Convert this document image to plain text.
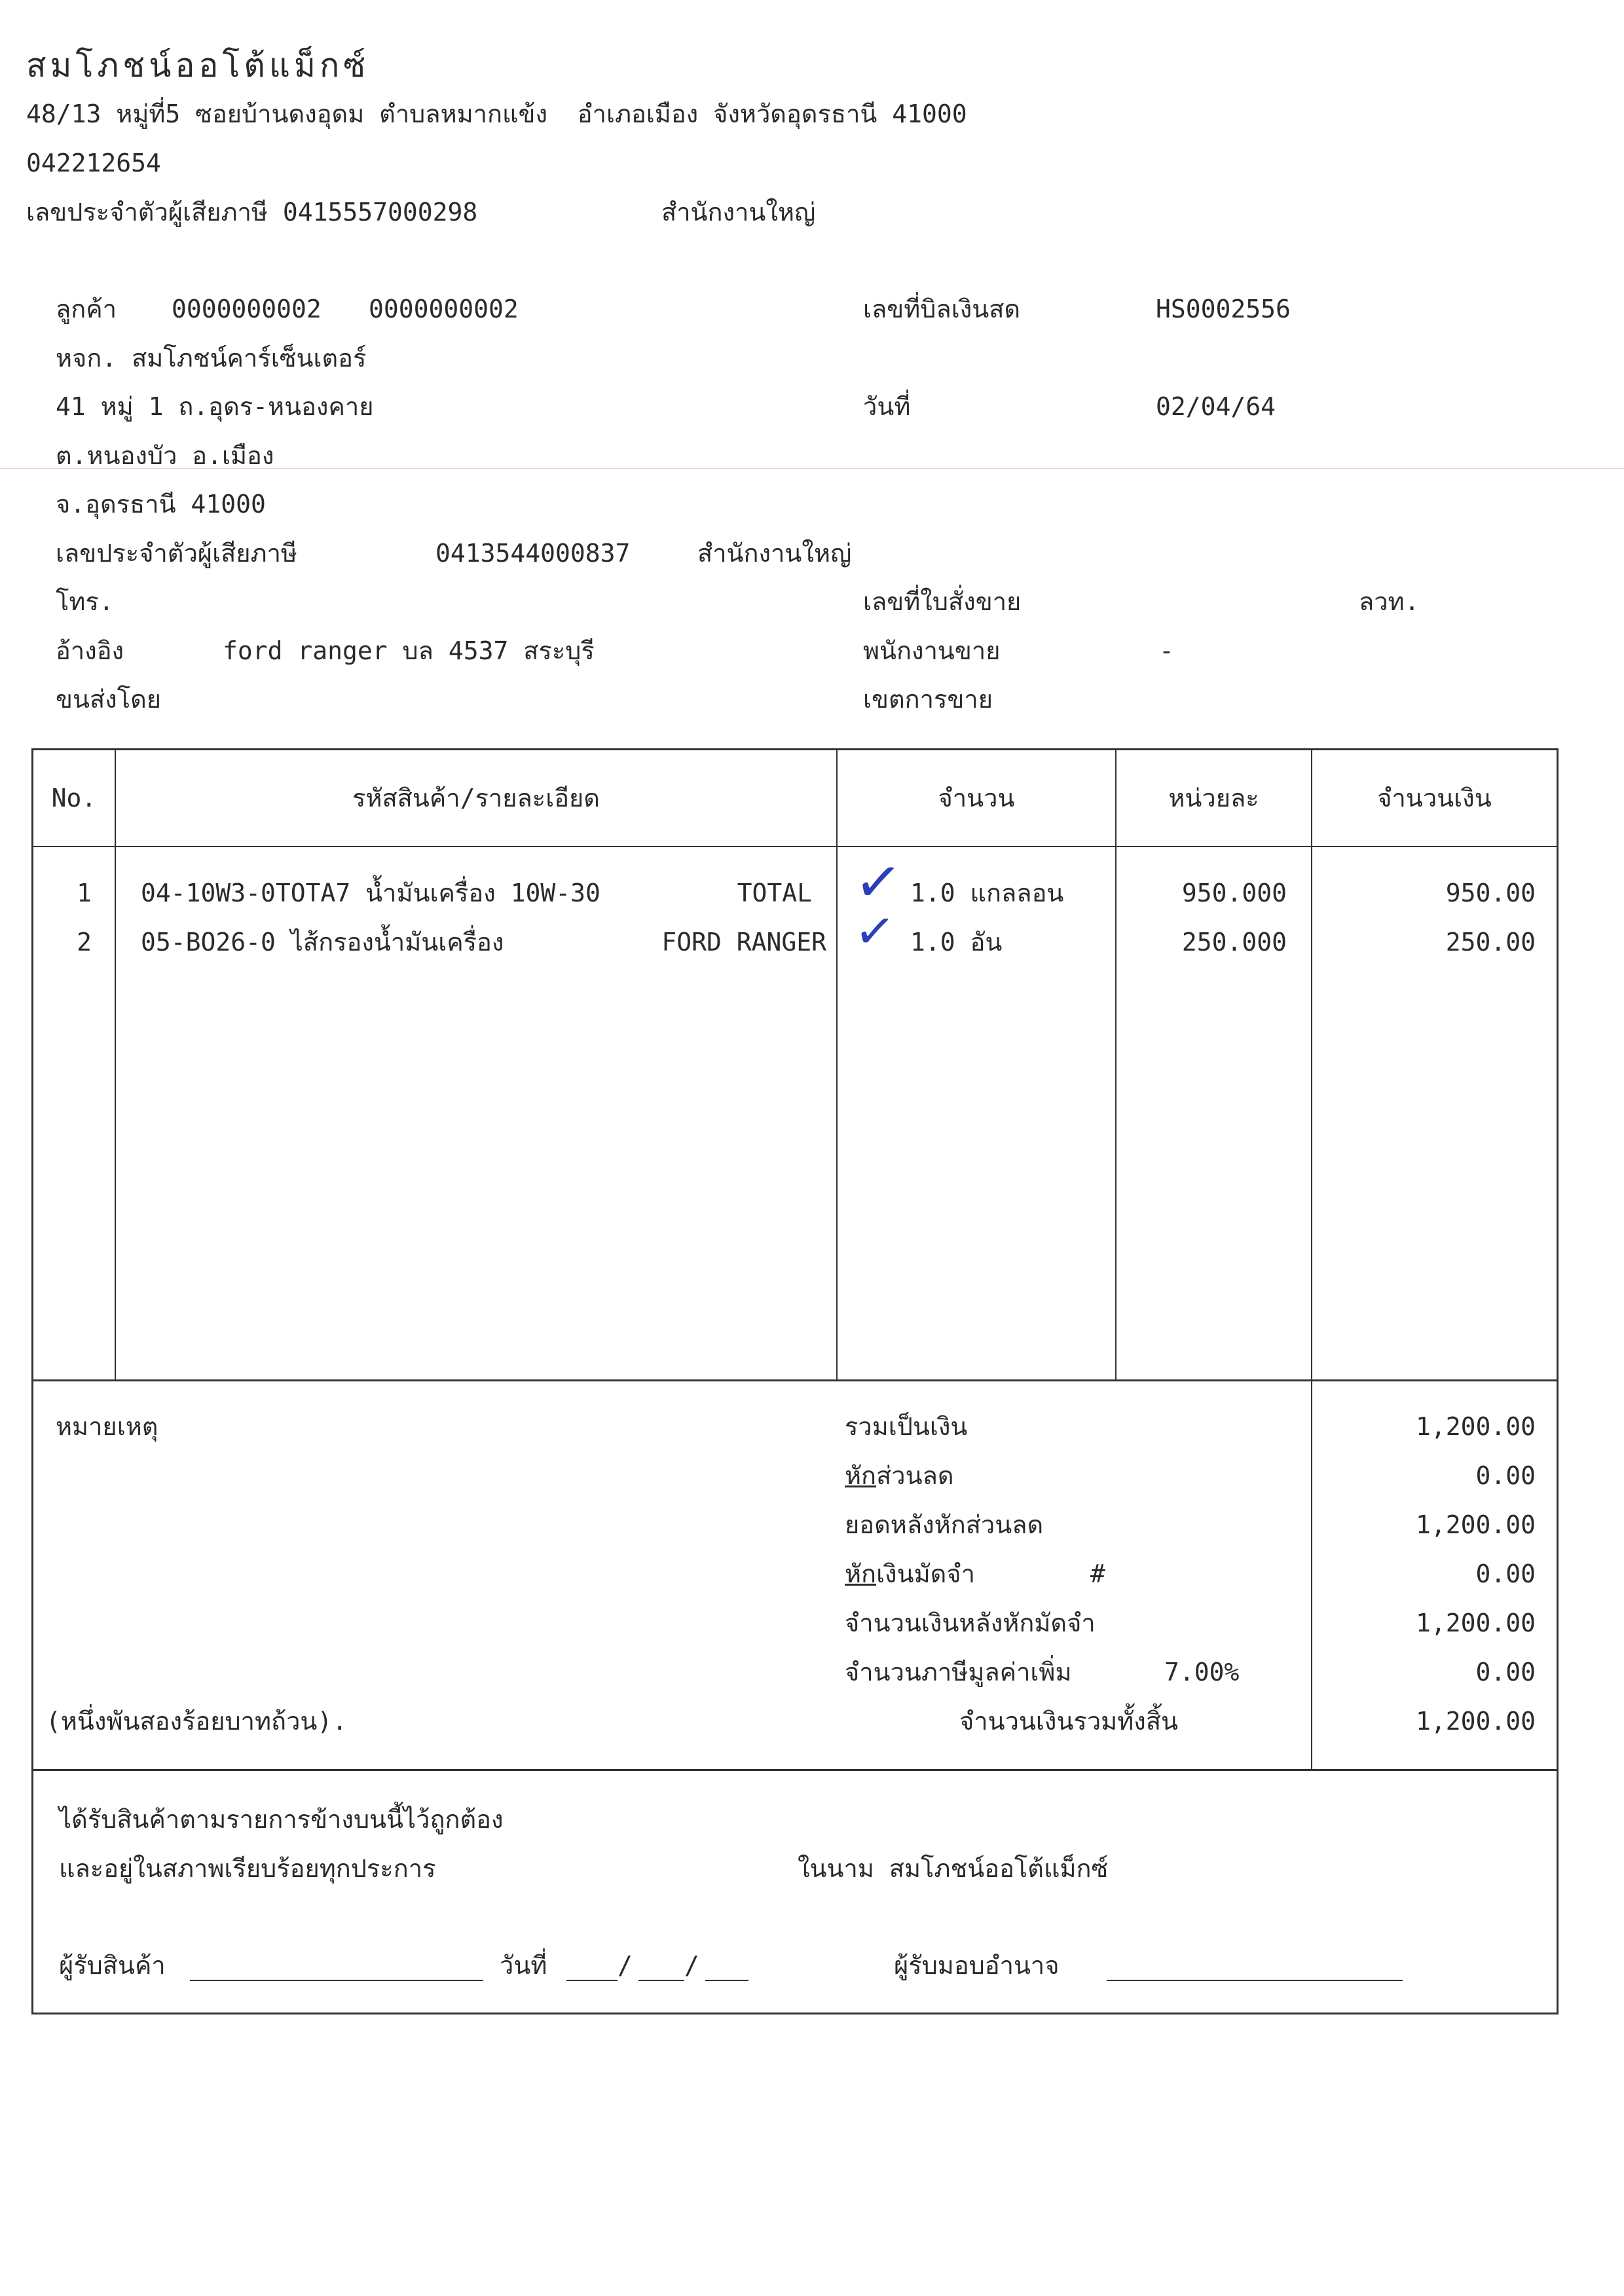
สมโภชน์ออโต้แม็กซ์
48/13 หมู่ที่5 ซอยบ้านดงอุดม ตำบลหมากแข้ง  อำเภอเมือง จังหวัดอุดรธานี 41000
042212654
เลขประจำตัวผู้เสียภาษี 0415557000298	สำนักงานใหญ่
ลูกค้า 0000000002 0000000002
หจก. สมโภชน์คาร์เซ็นเตอร์
41 หมู่ 1 ถ.อุดร-หนองคาย
ต.หนองบัว อ.เมือง
จ.อุดรธานี 41000
เลขประจำตัวผู้เสียภาษี	0413544000837	สำนักงานใหญ่
โทร.
อ้างอิง	ford ranger บล 4537 สระบุรี
ขนส่งโดย
เลขที่บิลเงินสด	HS0002556
วันที่	02/04/64
เลขที่ใบสั่งขาย	ลวท.
พนักงานขาย	-
เขตการขาย
No.	รหัสสินค้า/รายละเอียด	จำนวน	หน่วยละ	จำนวนเงิน
1 04-10W3-0TOTA7 น้ำมันเครื่อง 10W-30	TOTAL	1.0 แกลลอน	950.000	950.00
2 05-BO26-0 ไส้กรองน้ำมันเครื่อง	FORD RANGER	1.0 อัน	250.000	250.00
✓
✓
หมายเหตุ
(หนึ่งพันสองร้อยบาทถ้วน).
รวมเป็นเงิน	1,200.00
หักส่วนลด	0.00
ยอดหลังหักส่วนลด	1,200.00
หักเงินมัดจำ	#	0.00
จำนวนเงินหลังหักมัดจำ	1,200.00
จำนวนภาษีมูลค่าเพิ่ม	7.00%	0.00
จำนวนเงินรวมทั้งสิ้น	1,200.00
ได้รับสินค้าตามรายการข้างบนนี้ไว้ถูกต้อง
และอยู่ในสภาพเรียบร้อยทุกประการ	ในนาม สมโภชน์ออโต้แม็กซ์
ผู้รับสินค้า	วันที่	/ /	ผู้รับมอบอำนาจ
